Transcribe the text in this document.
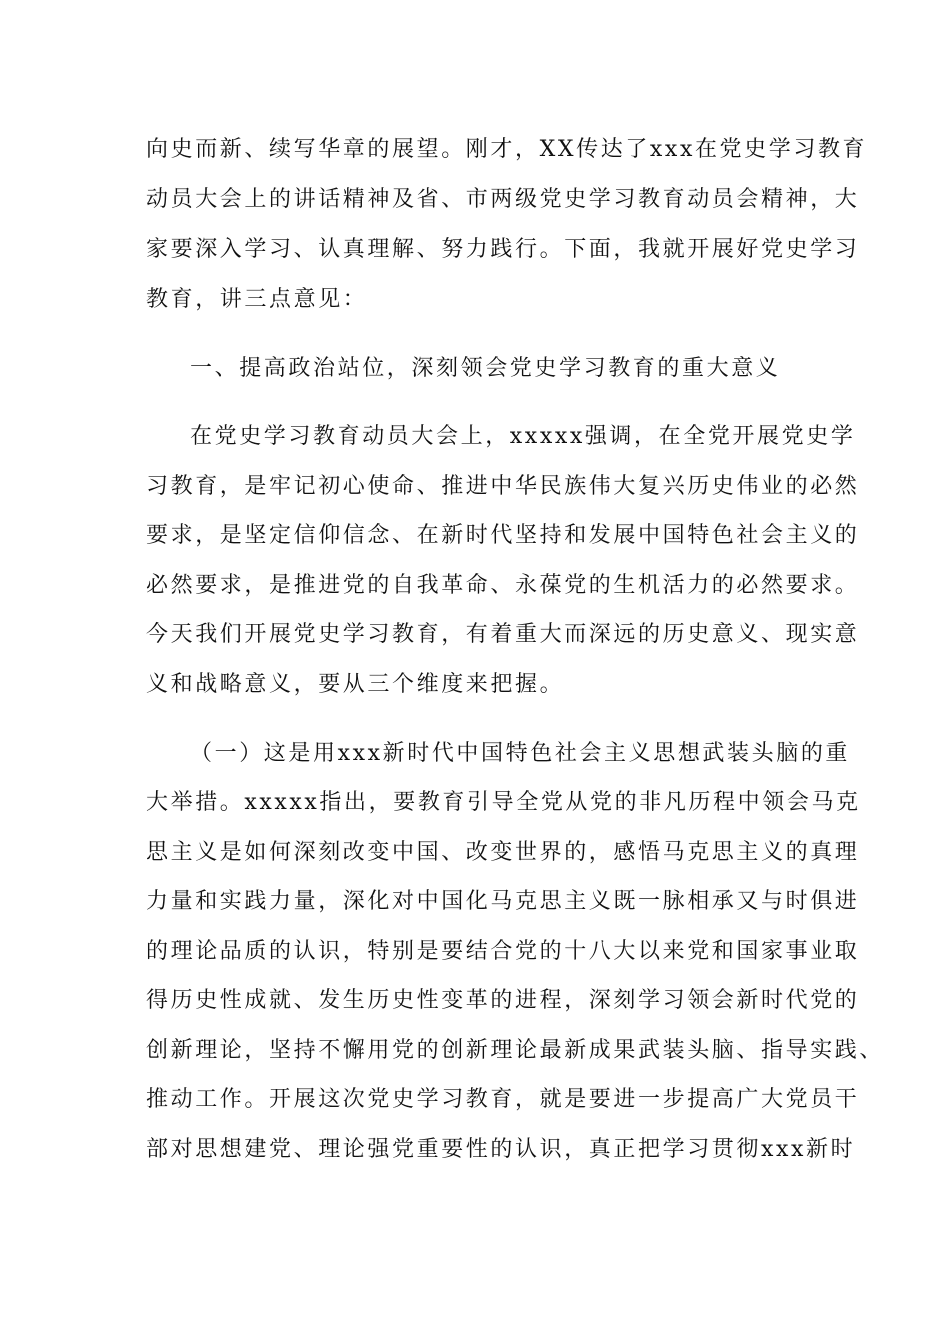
向史而新、续写华章的展望。刚才，XX传达了xxx在党史学习教育
动员大会上的讲话精神及省、市两级党史学习教育动员会精神，大
家要深入学习、认真理解、努力践行。下面，我就开展好党史学习
教育，讲三点意见：
一、提高政治站位，深刻领会党史学习教育的重大意义
在党史学习教育动员大会上，xxxxx强调，在全党开展党史学
习教育，是牢记初心使命、推进中华民族伟大复兴历史伟业的必然
要求，是坚定信仰信念、在新时代坚持和发展中国特色社会主义的
必然要求，是推进党的自我革命、永葆党的生机活力的必然要求。
今天我们开展党史学习教育，有着重大而深远的历史意义、现实意
义和战略意义，要从三个维度来把握。
（一）这是用xxx新时代中国特色社会主义思想武装头脑的重
大举措。xxxxx指出，要教育引导全党从党的非凡历程中领会马克
思主义是如何深刻改变中国、改变世界的，感悟马克思主义的真理
力量和实践力量，深化对中国化马克思主义既一脉相承又与时俱进
的理论品质的认识，特别是要结合党的十八大以来党和国家事业取
得历史性成就、发生历史性变革的进程，深刻学习领会新时代党的
创新理论，坚持不懈用党的创新理论最新成果武装头脑、指导实践、
推动工作。开展这次党史学习教育，就是要进一步提高广大党员干
部对思想建党、理论强党重要性的认识，真正把学习贯彻xxx新时
